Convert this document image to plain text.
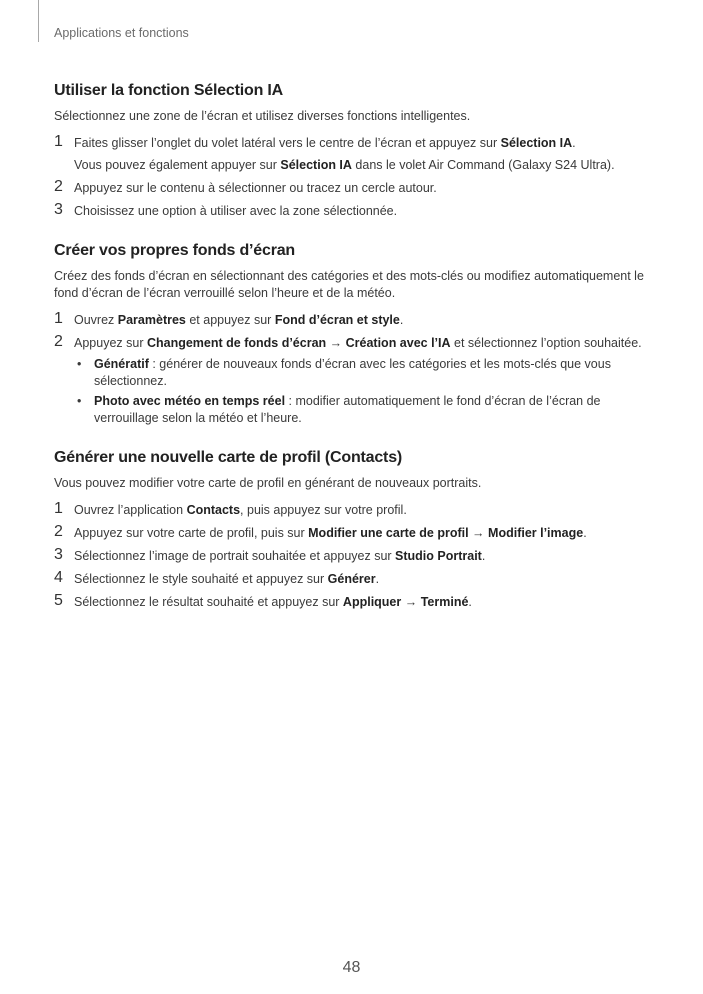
Applications et fonctions
Utiliser la fonction Sélection IA

Sélectionnez une zone de l’écran et utilisez diverses fonctions intelligentes.

1 Faites glisser l’onglet du volet latéral vers le centre de l’écran et appuyez sur Sélection IA.
Vous pouvez également appuyer sur Sélection IA dans le volet Air Command (Galaxy S24 Ultra).
2 Appuyez sur le contenu à sélectionner ou tracez un cercle autour.
3 Choisissez une option à utiliser avec la zone sélectionnée.
Créer vos propres fonds d’écran

Créez des fonds d’écran en sélectionnant des catégories et des mots-clés ou modifiez automatiquement le fond d’écran de l’écran verrouillé selon l’heure et de la météo.

1 Ouvrez Paramètres et appuyez sur Fond d’écran et style.
2 Appuyez sur Changement de fonds d’écran → Création avec l’IA et sélectionnez l’option souhaitée.
• Génératif : générer de nouveaux fonds d’écran avec les catégories et les mots-clés que vous sélectionnez.
• Photo avec météo en temps réel : modifier automatiquement le fond d’écran de l’écran de verrouillage selon la météo et l’heure.
Générer une nouvelle carte de profil (Contacts)

Vous pouvez modifier votre carte de profil en générant de nouveaux portraits.

1 Ouvrez l’application Contacts, puis appuyez sur votre profil.
2 Appuyez sur votre carte de profil, puis sur Modifier une carte de profil → Modifier l’image.
3 Sélectionnez l’image de portrait souhaitée et appuyez sur Studio Portrait.
4 Sélectionnez le style souhaité et appuyez sur Générer.
5 Sélectionnez le résultat souhaité et appuyez sur Appliquer → Terminé.
48
